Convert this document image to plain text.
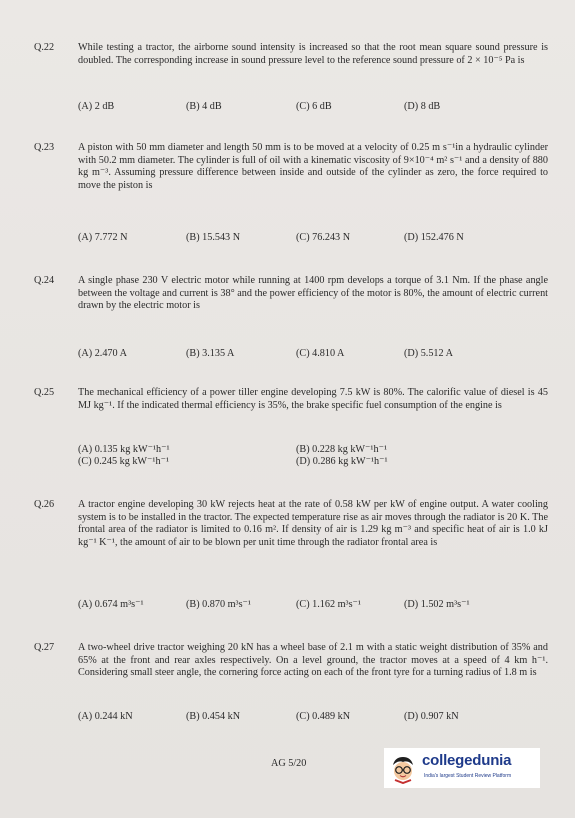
Q.22	While testing a tractor, the airborne sound intensity is increased so that the root mean square sound pressure is doubled. The corresponding increase in sound pressure level to the reference sound pressure of 2 × 10⁻⁵ Pa is
(A) 2 dB	(B) 4 dB	(C) 6 dB	(D) 8 dB
Q.23	A piston with 50 mm diameter and length 50 mm is to be moved at a velocity of 0.25 m s⁻¹in a hydraulic cylinder with 50.2 mm diameter. The cylinder is full of oil with a kinematic viscosity of 9×10⁻⁴ m² s⁻¹ and a density of 880 kg m⁻³. Assuming pressure difference between inside and outside of the cylinder as zero, the force required to move the piston is
(A) 7.772 N	(B) 15.543 N	(C) 76.243 N	(D) 152.476 N
Q.24	A single phase 230 V electric motor while running at 1400 rpm develops a torque of 3.1 Nm. If the phase angle between the voltage and current is 38° and the power efficiency of the motor is 80%, the amount of electric current drawn by the electric motor is
(A) 2.470 A	(B) 3.135 A	(C) 4.810 A	(D) 5.512 A
Q.25	The mechanical efficiency of a power tiller engine developing 7.5 kW is 80%. The calorific value of diesel is 45 MJ kg⁻¹. If the indicated thermal efficiency is 35%, the brake specific fuel consumption of the engine is
(A) 0.135 kg kW⁻¹h⁻¹	(B) 0.228 kg kW⁻¹h⁻¹
(C) 0.245 kg kW⁻¹h⁻¹	(D) 0.286 kg kW⁻¹h⁻¹
Q.26	A tractor engine developing 30 kW rejects heat at the rate of 0.58 kW per kW of engine output. A water cooling system is to be installed in the tractor. The expected temperature rise as air moves through the radiator is 20 K. The frontal area of the radiator is limited to 0.16 m². If density of air is 1.29 kg m⁻³ and specific heat of air is 1.0 kJ kg⁻¹ K⁻¹, the amount of air to be blown per unit time through the radiator frontal area is
(A) 0.674 m³s⁻¹	(B) 0.870 m³s⁻¹	(C) 1.162 m³s⁻¹	(D) 1.502 m³s⁻¹
Q.27	A two-wheel drive tractor weighing 20 kN has a wheel base of 2.1 m with a static weight distribution of 35% and 65% at the front and rear axles respectively. On a level ground, the tractor moves at a speed of 4 km h⁻¹. Considering small steer angle, the cornering force acting on each of the front tyre for a turning radius of 1.8 m is
(A) 0.244 kN	(B) 0.454 kN	(C) 0.489 kN	(D) 0.907 kN
AG 5/20	collegedunia
India's largest Student Review Platform
